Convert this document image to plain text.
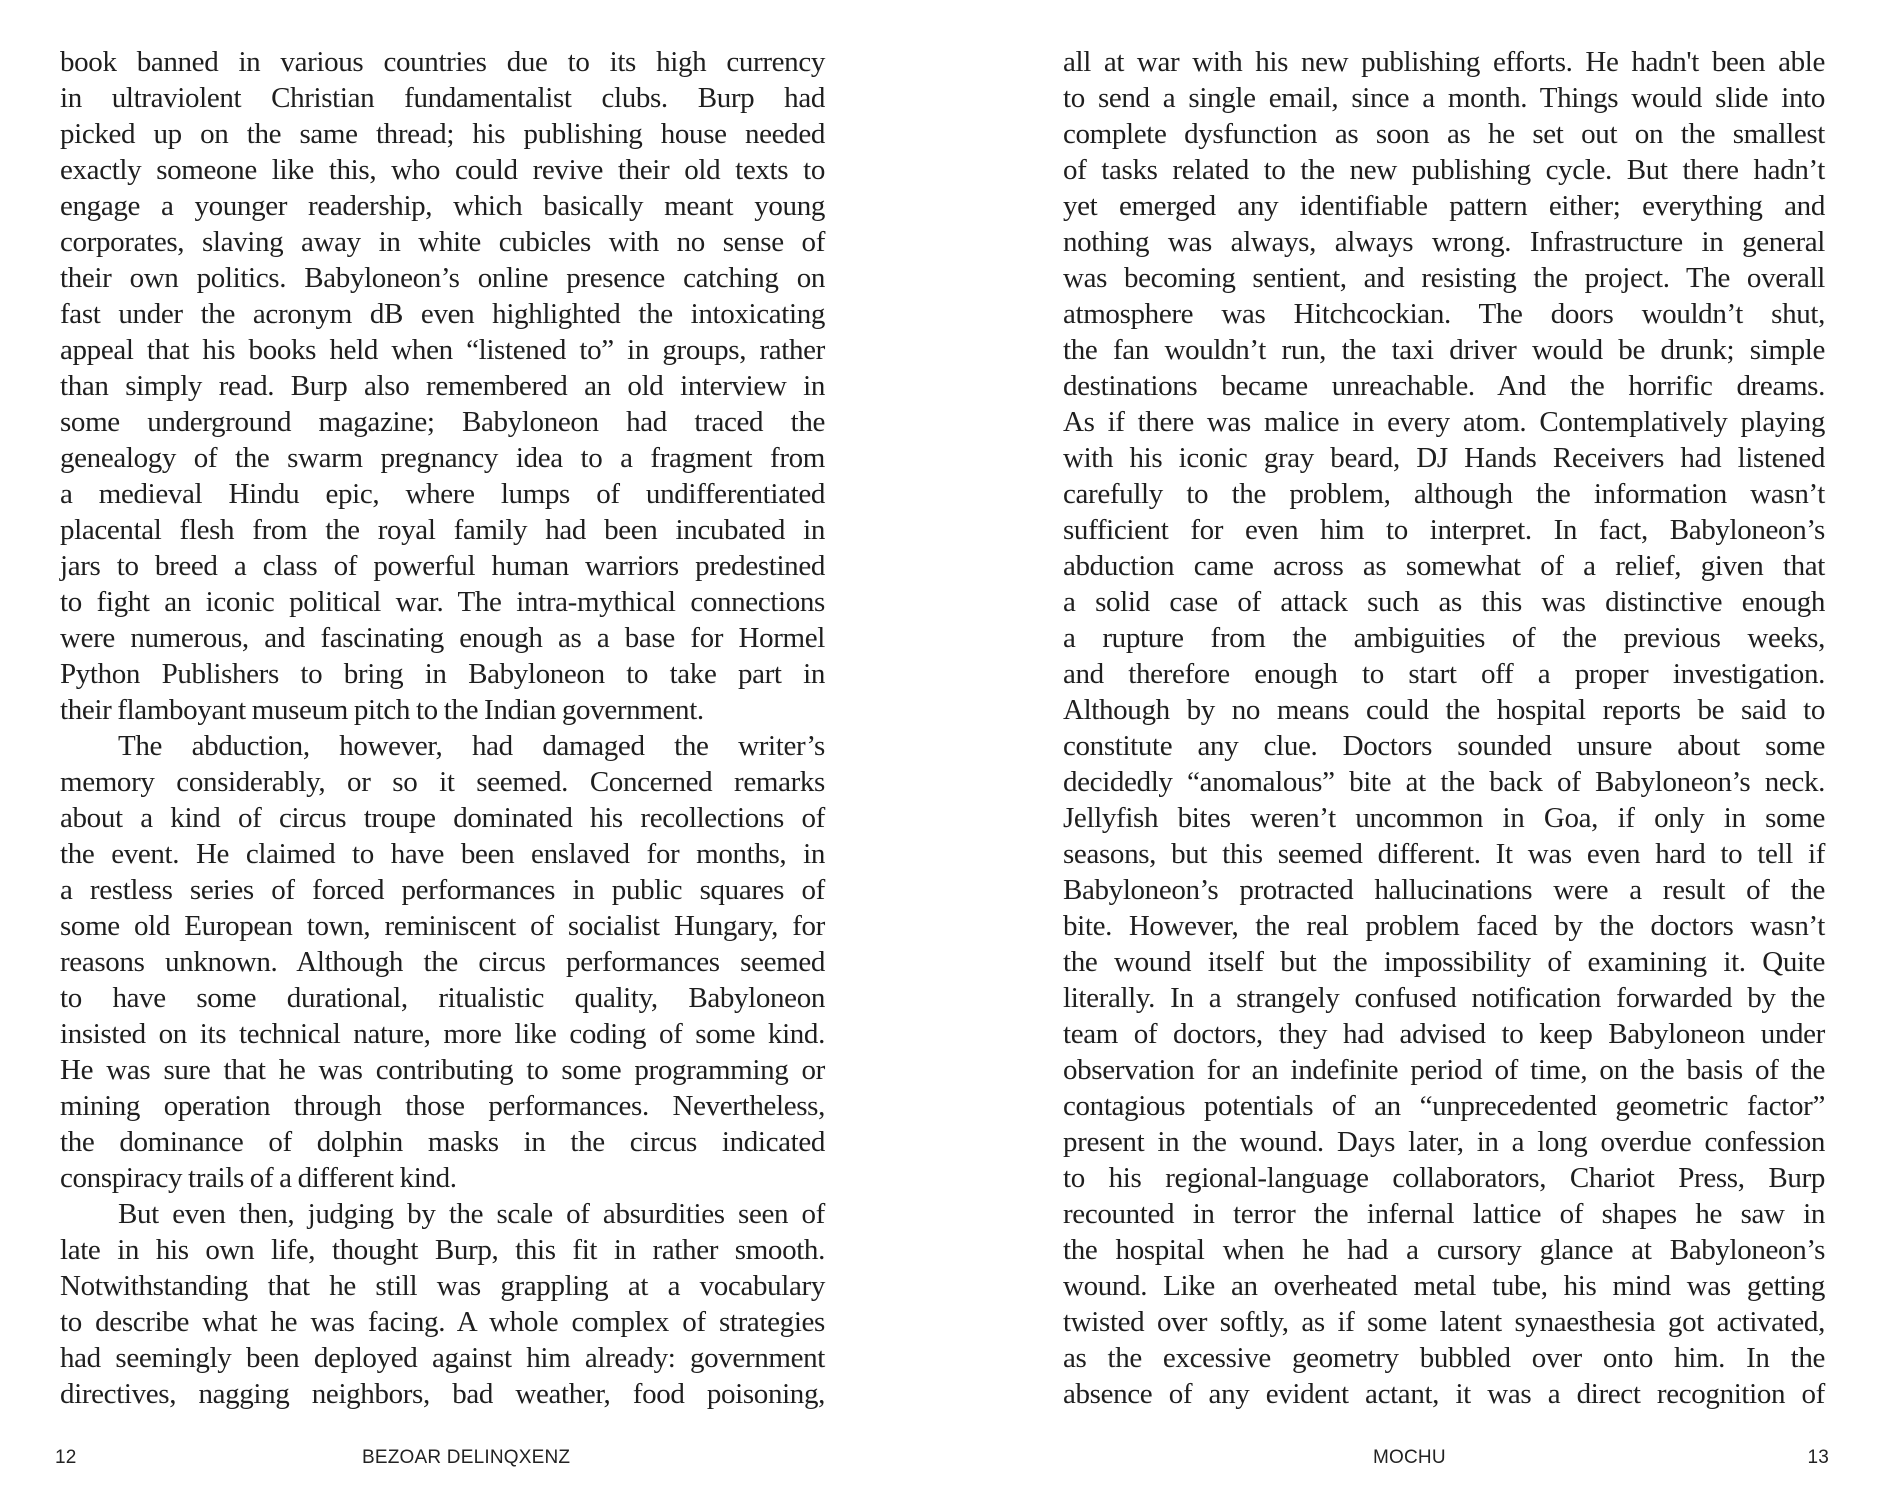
book banned in various countries due to its high currency
in ultraviolent Christian fundamentalist clubs. Burp had
picked up on the same thread; his publishing house needed
exactly someone like this, who could revive their old texts to
engage a younger readership, which basically meant young
corporates, slaving away in white cubicles with no sense of
their own politics. Babyloneon’s online presence catching on
fast under the acronym dB even highlighted the intoxicating
appeal that his books held when “listened to” in groups, rather
than simply read. Burp also remembered an old interview in
some underground magazine; Babyloneon had traced the
genealogy of the swarm pregnancy idea to a fragment from
a medieval Hindu epic, where lumps of undifferentiated
placental flesh from the royal family had been incubated in
jars to breed a class of powerful human warriors predestined
to fight an iconic political war. The intra-mythical connections
were numerous, and fascinating enough as a base for Hormel
Python Publishers to bring in Babyloneon to take part in
their flamboyant museum pitch to the Indian government.
The abduction, however, had damaged the writer’s
memory considerably, or so it seemed. Concerned remarks
about a kind of circus troupe dominated his recollections of
the event. He claimed to have been enslaved for months, in
a restless series of forced performances in public squares of
some old European town, reminiscent of socialist Hungary, for
reasons unknown. Although the circus performances seemed
to have some durational, ritualistic quality, Babyloneon
insisted on its technical nature, more like coding of some kind.
He was sure that he was contributing to some programming or
mining operation through those performances. Nevertheless,
the dominance of dolphin masks in the circus indicated
conspiracy trails of a different kind.
But even then, judging by the scale of absurdities seen of
late in his own life, thought Burp, this fit in rather smooth.
Notwithstanding that he still was grappling at a vocabulary
to describe what he was facing. A whole complex of strategies
had seemingly been deployed against him already: government
directives, nagging neighbors, bad weather, food poisoning,
12	BEZOAR DELINQXENZ
all at war with his new publishing efforts. He hadn't been able
to send a single email, since a month. Things would slide into
complete dysfunction as soon as he set out on the smallest
of tasks related to the new publishing cycle. But there hadn’t
yet emerged any identifiable pattern either; everything and
nothing was always, always wrong. Infrastructure in general
was becoming sentient, and resisting the project. The overall
atmosphere was Hitchcockian. The doors wouldn’t shut,
the fan wouldn’t run, the taxi driver would be drunk; simple
destinations became unreachable. And the horrific dreams.
As if there was malice in every atom. Contemplatively playing
with his iconic gray beard, DJ Hands Receivers had listened
carefully to the problem, although the information wasn’t
sufficient for even him to interpret. In fact, Babyloneon’s
abduction came across as somewhat of a relief, given that
a solid case of attack such as this was distinctive enough
a rupture from the ambiguities of the previous weeks,
and therefore enough to start off a proper investigation.
Although by no means could the hospital reports be said to
constitute any clue. Doctors sounded unsure about some
decidedly “anomalous” bite at the back of Babyloneon’s neck.
Jellyfish bites weren’t uncommon in Goa, if only in some
seasons, but this seemed different. It was even hard to tell if
Babyloneon’s protracted hallucinations were a result of the
bite. However, the real problem faced by the doctors wasn’t
the wound itself but the impossibility of examining it. Quite
literally. In a strangely confused notification forwarded by the
team of doctors, they had advised to keep Babyloneon under
observation for an indefinite period of time, on the basis of the
contagious potentials of an “unprecedented geometric factor”
present in the wound. Days later, in a long overdue confession
to his regional-language collaborators, Chariot Press, Burp
recounted in terror the infernal lattice of shapes he saw in
the hospital when he had a cursory glance at Babyloneon’s
wound. Like an overheated metal tube, his mind was getting
twisted over softly, as if some latent synaesthesia got activated,
as the excessive geometry bubbled over onto him. In the
absence of any evident actant, it was a direct recognition of
MOCHU	13
